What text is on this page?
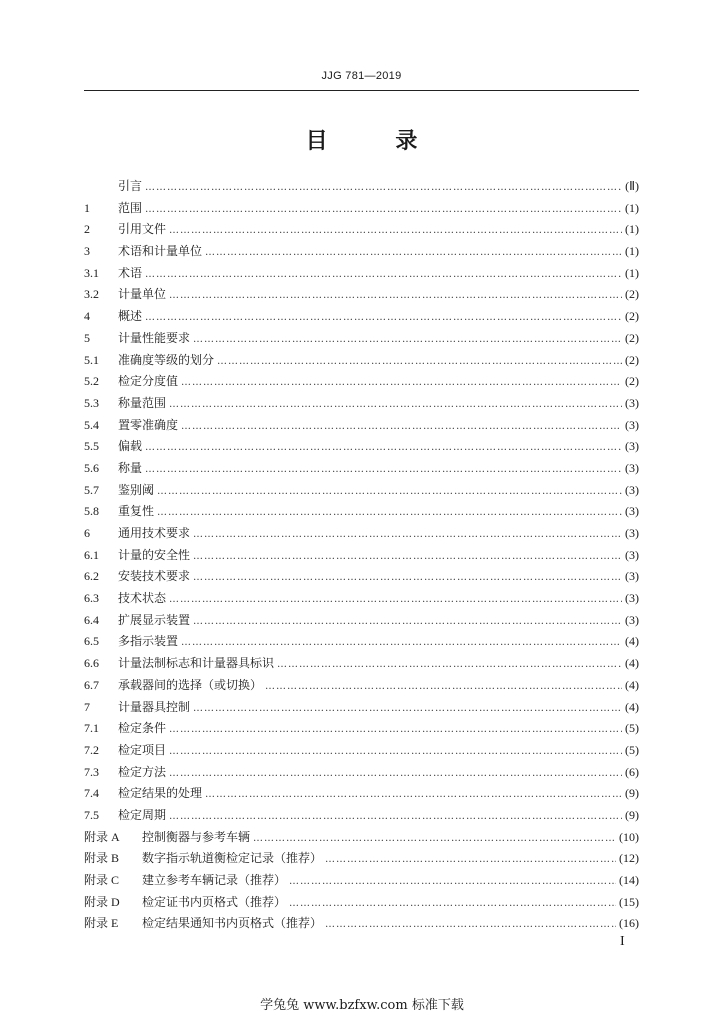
JJG 781—2019
目	录
引言 ……………………………………………………………………………………………………………………………………………………………………………………………………………………	(Ⅱ)
1	范围 ……………………………………………………………………………………………………………………………………………………………………………………………………………………	(1)
2	引用文件 ……………………………………………………………………………………………………………………………………………………………………………………………………………………	(1)
3	术语和计量单位 ……………………………………………………………………………………………………………………………………………………………………………………………………………………	(1)
3.1	术语 ……………………………………………………………………………………………………………………………………………………………………………………………………………………	(1)
3.2	计量单位 ……………………………………………………………………………………………………………………………………………………………………………………………………………………	(2)
4	概述 ……………………………………………………………………………………………………………………………………………………………………………………………………………………	(2)
5	计量性能要求 ……………………………………………………………………………………………………………………………………………………………………………………………………………………	(2)
5.1	准确度等级的划分 ……………………………………………………………………………………………………………………………………………………………………………………………………………………	(2)
5.2	检定分度值 ……………………………………………………………………………………………………………………………………………………………………………………………………………………	(2)
5.3	称量范围 ……………………………………………………………………………………………………………………………………………………………………………………………………………………	(3)
5.4	置零准确度 ……………………………………………………………………………………………………………………………………………………………………………………………………………………	(3)
5.5	偏载 ……………………………………………………………………………………………………………………………………………………………………………………………………………………	(3)
5.6	称量 ……………………………………………………………………………………………………………………………………………………………………………………………………………………	(3)
5.7	鉴别阈 ……………………………………………………………………………………………………………………………………………………………………………………………………………………	(3)
5.8	重复性 ……………………………………………………………………………………………………………………………………………………………………………………………………………………	(3)
6	通用技术要求 ……………………………………………………………………………………………………………………………………………………………………………………………………………………	(3)
6.1	计量的安全性 ……………………………………………………………………………………………………………………………………………………………………………………………………………………	(3)
6.2	安装技术要求 ……………………………………………………………………………………………………………………………………………………………………………………………………………………	(3)
6.3	技术状态 ……………………………………………………………………………………………………………………………………………………………………………………………………………………	(3)
6.4	扩展显示装置 ……………………………………………………………………………………………………………………………………………………………………………………………………………………	(3)
6.5	多指示装置 ……………………………………………………………………………………………………………………………………………………………………………………………………………………	(4)
6.6	计量法制标志和计量器具标识 ……………………………………………………………………………………………………………………………………………………………………………………………………………………	(4)
6.7	承载器间的选择（或切换） ……………………………………………………………………………………………………………………………………………………………………………………………………………………	(4)
7	计量器具控制 ……………………………………………………………………………………………………………………………………………………………………………………………………………………	(4)
7.1	检定条件 ……………………………………………………………………………………………………………………………………………………………………………………………………………………	(5)
7.2	检定项目 ……………………………………………………………………………………………………………………………………………………………………………………………………………………	(5)
7.3	检定方法 ……………………………………………………………………………………………………………………………………………………………………………………………………………………	(6)
7.4	检定结果的处理 ……………………………………………………………………………………………………………………………………………………………………………………………………………………	(9)
7.5	检定周期 ……………………………………………………………………………………………………………………………………………………………………………………………………………………	(9)
附录 A	控制衡器与参考车辆 ……………………………………………………………………………………………………………………………………………………………………………………………………………………	(10)
附录 B	数字指示轨道衡检定记录（推荐） ……………………………………………………………………………………………………………………………………………………………………………………………………………………	(12)
附录 C	建立参考车辆记录（推荐） ……………………………………………………………………………………………………………………………………………………………………………………………………………………	(14)
附录 D	检定证书内页格式（推荐） ……………………………………………………………………………………………………………………………………………………………………………………………………………………	(15)
附录 E	检定结果通知书内页格式（推荐） ……………………………………………………………………………………………………………………………………………………………………………………………………………………	(16)
I
学兔兔 www.bzfxw.com 标准下载
